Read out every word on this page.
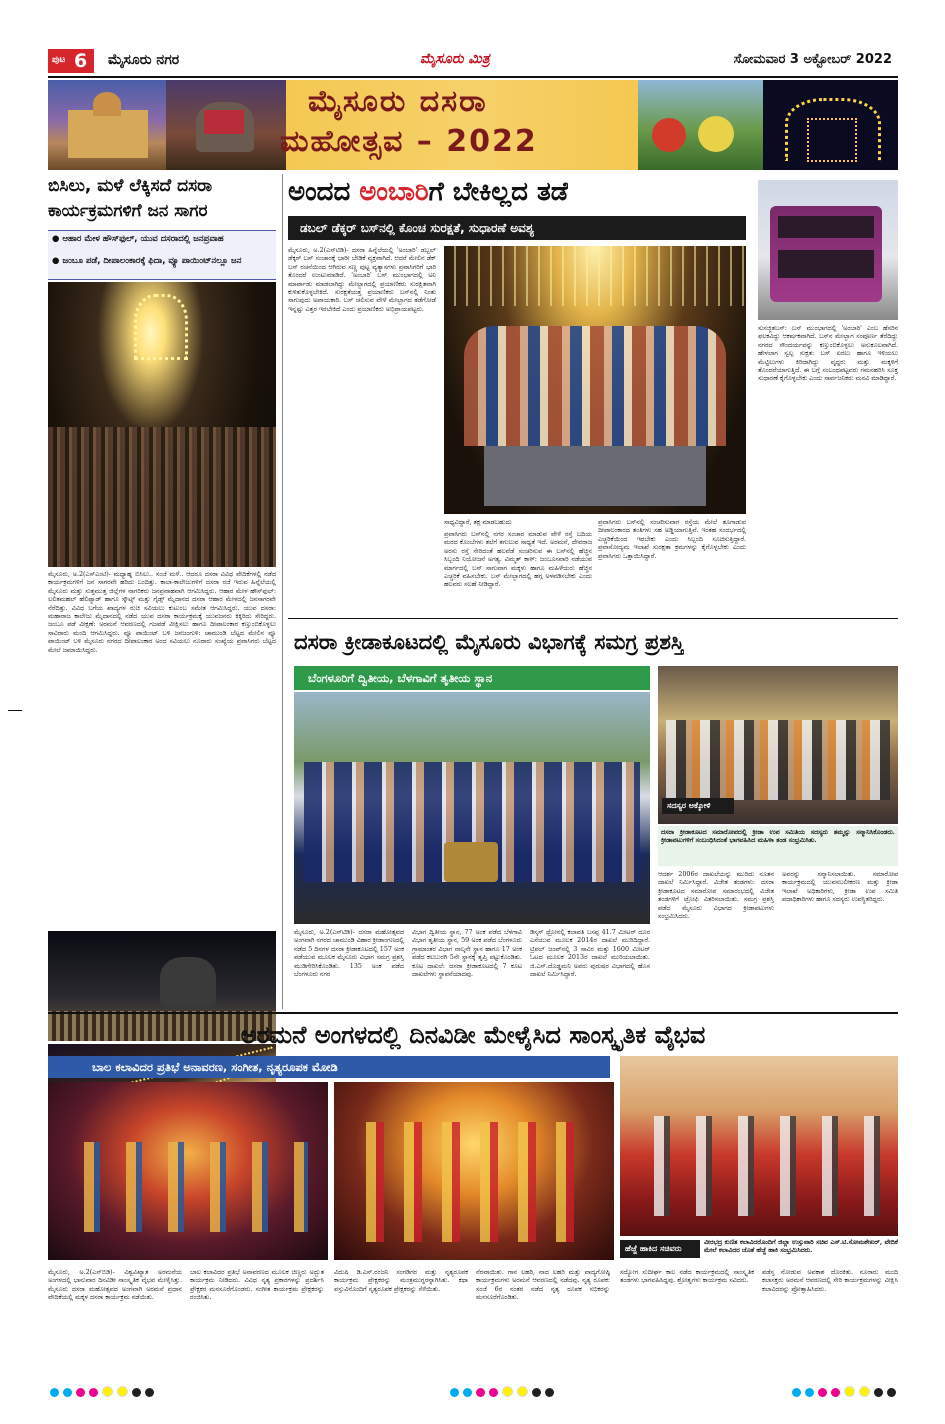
ಪುಟ 6 ಮೈಸೂರು ನಗರ	ಮೈಸೂರು ಮಿತ್ರ	ಸೋಮವಾರ 3 ಅಕ್ಟೋಬರ್ 2022
ಮೈಸೂರು ದಸರಾ
ಮಹೋತ್ಸವ – 2022
ಬಿಸಿಲು, ಮಳೆ ಲೆಕ್ಕಿಸದೆ ದಸರಾ ಕಾರ್ಯಕ್ರಮಗಳಿಗೆ ಜನ ಸಾಗರ
● ಆಹಾರ ಮೇಳ ಹೌಸ್‌ಫುಲ್, ಯುವ ದಸರಾದಲ್ಲಿ ಜನಪ್ರವಾಹ
● ಜಂಬೂ ಪಡೆ, ದೀಪಾಲಂಕಾರಕ್ಕೆ ಫಿದಾ, ವ್ಯೂ ಪಾಯಿಂಟ್‌ನಲ್ಲೂ ಜನ
ಮೈಸೂರು, ಅ.2(ಎಸ್‌ಎಂಟಿ)- ಮಧ್ಯಾಹ್ನ ಬಿಸಿಲು.. ಸಂಜೆ ಮಳೆ.. ಆದರೂ ದಸರಾ ವಿವಿಧ ವೇದಿಕೆಗಳಲ್ಲಿ ನಡೆದ ಕಾರ್ಯಕ್ರಮಗಳಿಗೆ ಜನ ಸಾಗರವೇ ಹರಿದು ಬಂದಿತ್ತು. ಕಾಲಾ-ಕಾಲೇಜುಗಳಿಗೆ ದಸರಾ ರಜೆ ಇರುವ ಹಿನ್ನೆಲೆಯಲ್ಲಿ ಮೈಸೂರು ಮತ್ತು ಸುತ್ತಮುತ್ತ ಜಿಲ್ಲೆಗಳ ನಾಗರಿಕರು ಜನಪ್ರವಾಹವಾಗಿ ಆಗಮಿಸಿದ್ದರು. ಆಹಾರ ಮೇಳ ಹೌಸ್‌ಫುಲ್: ಲಲಿತಮಹಲ್ ಹೆಲಿಪ್ಯಾಡ್ ಹಾಗೂ ಸ್ಕೌಟ್ಸ್ ಮತ್ತು ಗೈಡ್ಸ್ ಮೈದಾನದ ದಸರಾ ಆಹಾರ ಮೇಳದಲ್ಲಿ ಜನಸಾಗರವೇ ನೆರೆದಿತ್ತು. ವಿವಿಧ ಬಗೆಯ ಖಾದ್ಯಗಳ ರುಚಿ ಸವಿಯಲು ಕುಟುಂಬ ಸಮೇತ ಆಗಮಿಸಿದ್ದರು. ಯುವ ದಸರಾ: ಮಹಾರಾಜ ಕಾಲೇಜು ಮೈದಾನದಲ್ಲಿ ನಡೆದ ಯುವ ದಸರಾ ಕಾರ್ಯಕ್ರಮಕ್ಕೆ ಯುವಜನರು ಕಿಕ್ಕಿರಿದು ಸೇರಿದ್ದರು. ಜಂಬೂ ಪಡೆ ವೀಕ್ಷಣೆ: ಅರಮನೆ ಆವರಣದಲ್ಲಿ ಗಜಪಡೆ ವೀಕ್ಷಿಸಲು ಹಾಗೂ ದೀಪಾಲಂಕಾರ ಕಣ್ತುಂಬಿಕೊಳ್ಳಲು ಸಾವಿರಾರು ಮಂದಿ ಆಗಮಿಸಿದ್ದರು. ವ್ಯೂ ಪಾಯಿಂಟ್ ಬಳಿ ಜನಜಂಗುಳಿ: ಚಾಮುಂಡಿ ಬೆಟ್ಟದ ಮೇಲಿನ ವ್ಯೂ ಪಾಯಿಂಟ್ ಬಳಿ ಮೈಸೂರು ನಗರದ ದೀಪಾಲಂಕಾರ ಅಂದ ಸವಿಯಲು ನೂರಾರು ಸಂಖ್ಯೆಯ ಪ್ರವಾಸಿಗರು ಬೆಟ್ಟದ ಮೇಲೆ ಜಮಾಯಿಸಿದ್ದರು.
ಅಂದದ ಅಂಬಾರಿಗೆ ಬೇಕಿಲ್ಲದ ತಡೆ
ಡಬಲ್ ಡೆಕ್ಕರ್ ಬಸ್‌ನಲ್ಲಿ ಕೊಂಚ ಸುರಕ್ಷತೆ, ಸುಧಾರಣೆ ಅವಶ್ಯ
ಮೈಸೂರು, ಅ.2(ಎಸ್‌ಟಿಡಿ)- ದಸರಾ ಹಿನ್ನೆಲೆಯಲ್ಲಿ 'ಅಂಬಾರಿ' ಡಬ್ಬಲ್ ಡೆಕ್ಕರ್ ಬಸ್ ಸಂಚಾರಕ್ಕೆ ಭಾರೀ ಬೇಡಿಕೆ ವ್ಯಕ್ತವಾಗಿದೆ. ಆದರೆ ಮೇಲಿನ ಡೆಕ್ ಬಸ್ ರಚನೆಯಿಂದ ಆಗಿರುವ ಸಣ್ಣ ಪುಟ್ಟ ವ್ಯತ್ಯಾಸಗಳು ಪ್ರವಾಸಿಗರಿಗೆ ಭಾರಿ ತೊಂದರೆ ಉಂಟುಮಾಡಿದೆ. 'ಅಂಬಾರಿ' ಬಸ್ ಮುಂಭಾಗದಲ್ಲಿ ಅನಿ ಮಾರ್ಪಾಡು ಮಾಡಲಾಗಿದ್ದು ಮೇಲ್ಭಾಗದಲ್ಲಿ ಪ್ರಯಾಣಿಕರು ಸುರಕ್ಷಿತವಾಗಿ ಕುಳಿತುಕೊಳ್ಳಬೇಕಿದೆ. ಸುರಕ್ಷತೆಯತ್ತ ಪ್ರಯಾಣಿಕರು ಬಸ್‌ನಲ್ಲಿ ನಿಂತು ಸಾಗುವುದು ಅಪಾಯಕಾರಿ. ಬಸ್ ಚಲಿಸುವ ವೇಳೆ ಮೇಲ್ಭಾಗದ ತಡೆಗೋಡೆ ಇನ್ನಷ್ಟು ಎತ್ತರ ಇರಬೇಕಿದೆ ಎಂದು ಪ್ರಯಾಣಿಕರು ಅಭಿಪ್ರಾಯಪಟ್ಟರು.
ಸಾಧ್ಯವಿದ್ದಾರೆ, ತಕ್ಷ ಮಾಡಬಹುದು
ಪ್ರವಾಸಿಗರು ಬಸ್‌ನಲ್ಲಿ ನಗರ ಸಂಚಾರ ಮಾಡುವ ವೇಳೆ ರಸ್ತೆ ಬದಿಯ ಮರದ ಕೊಂಬೆಗಳು ತಲೆಗೆ ತಗುಲುವ ಸಾಧ್ಯತೆ ಇದೆ. ಅರಮನೆ, ದೇವರಾಜ ಅರಸು ರಸ್ತೆ ಸೇರಿದಂತೆ ಹಲವೆಡೆ ಸಂಚರಿಸುವ ಈ ಬಸ್‌ನಲ್ಲಿ ಹೆಚ್ಚಿನ ಸಿಬ್ಬಂದಿ ನಿಯೋಜನೆ ಅಗತ್ಯ. ವಿಮ್ಮತ್ ಕಾಳ್: ಜಂಬೂಸವಾರಿ ನಡೆಯುವ ಮಾರ್ಗದಲ್ಲಿ ಬಸ್ ಸಾಗುವಾಗ ಮಕ್ಕಳು ಹಾಗೂ ಮಹಿಳೆಯರು ಹೆಚ್ಚಿನ ಎಚ್ಚರಿಕೆ ವಹಿಸಬೇಕು. ಬಸ್ ಮೇಲ್ಭಾಗದಲ್ಲಿ ಹಗ್ಗ ಅಳವಡಿಸಬೇಕು ಎಂದು ಹಲವರು ಸಲಹೆ ನೀಡಿದ್ದಾರೆ.
ಪ್ರವಾಸಿಗರು ಬಸ್‌ನಲ್ಲಿ ಸಂಚರಿಸುವಾಗ ರಸ್ತೆಯ ಮೇಲೆ ತೂಗಾಡುವ ದೀಪಾಲಂಕಾರದ ತಂತಿಗಳು ಸಹ ಅಡ್ಡಿಯಾಗುತ್ತಿವೆ. ಇಂತಹ ಸಂದರ್ಭದಲ್ಲಿ ಎಚ್ಚರಿಕೆಯಿಂದ ಇರಬೇಕು ಎಂದು ಸಿಬ್ಬಂದಿ ಸೂಚಿಸುತ್ತಿದ್ದಾರೆ. ಪ್ರವಾಸೋದ್ಯಮ ಇಲಾಖೆ ಸುರಕ್ಷತಾ ಕ್ರಮಗಳನ್ನು ಕೈಗೊಳ್ಳಬೇಕು ಎಂದು ಪ್ರವಾಸಿಗರು ಒತ್ತಾಯಿಸಿದ್ದಾರೆ.
ಸುಸಜ್ಜಿತಬಸ್: ಬಸ್ ಮುಂಭಾಗದಲ್ಲಿ 'ಅಂಬಾರಿ' ಎಂಬ ಹೆಸರಿನ ಫಲಕವಿದ್ದು ಆಕರ್ಷಕವಾಗಿದೆ. ಬಸ್‌ನ ಮೇಲ್ಭಾಗ ಸಂಪೂರ್ಣ ತೆರೆದಿದ್ದು ನಗರದ ಸೌಂದರ್ಯವನ್ನು ಕಣ್ತುಂಬಿಕೊಳ್ಳಲು ಅನುಕೂಲವಾಗಿದೆ. ಹೇಳಲಾಗ ಸ್ವಲ್ಪ ಸುಕ್ಷತ: ಬಸ್ ಏರಲು ಹಾಗೂ ಇಳಿಯಲು ಮೆಟ್ಟಿಲುಗಳು ಕಿರಿದಾಗಿದ್ದು ವೃದ್ಧರು ಮತ್ತು ಮಕ್ಕಳಿಗೆ ತೊಂದರೆಯಾಗುತ್ತಿದೆ. ಈ ಬಗ್ಗೆ ಸಂಬಂಧಪಟ್ಟವರು ಗಮನಹರಿಸಿ ಸೂಕ್ತ ಸುಧಾರಣೆ ಕೈಗೊಳ್ಳಬೇಕು ಎಂದು ಸಾರ್ವಜನಿಕರು ಮನವಿ ಮಾಡಿದ್ದಾರೆ.
ದಸರಾ ಕ್ರೀಡಾಕೂಟದಲ್ಲಿ ಮೈಸೂರು ವಿಭಾಗಕ್ಕೆ ಸಮಗ್ರ ಪ್ರಶಸ್ತಿ
ಬೆಂಗಳೂರಿಗೆ ದ್ವಿತೀಯ, ಬೆಳಗಾವಿಗೆ ತೃತೀಯ ಸ್ಥಾನ
ಸದಸ್ಯರ ಅಕ್ಕೋಳಿ
ದಸರಾ ಕ್ರೀಡಾಕೂಟದ ಸಮಾರೋಪದಲ್ಲಿ ಕ್ರೀಡಾ ಉಪ ಸಮಿತಿಯ ಸದಸ್ಯರು ತಮ್ಮನ್ನು ಸನ್ಮಾನಿಸಿಕೊಂಡರು. ಕ್ರೀಡಾಪಟುಗಳಿಗೆ ಸಂಬಂಧಿಸಿದಂತೆ ಭಾಗವಹಿಸಿದ ಮಹಿಳಾ ತಂಡ ಸಂಭ್ರಮಿಸಿತು.
ಮೈಸೂರು, ಅ.2(ಎಸ್‌ಟಿಡಿ)- ದಸರಾ ಮಹೋತ್ಸವದ ಅಂಗವಾಗಿ ನಗರದ ಚಾಮುಂಡಿ ವಿಹಾರ ಕ್ರೀಡಾಂಗಣದಲ್ಲಿ ನಡೆದ 5 ದಿನಗಳ ದಸರಾ ಕ್ರೀಡಾಕೂಟದಲ್ಲಿ 157 ಅಂಕ ಪಡೆಯುವ ಮೂಲಕ ಮೈಸೂರು ವಿಭಾಗ ಸಮಗ್ರ ಪ್ರಶಸ್ತಿ ಮುಡಿಗೇರಿಸಿಕೊಂಡಿತು. 135 ಅಂಕ ಪಡೆದ ಬೆಂಗಳೂರು ನಗರ
ವಿಭಾಗ ದ್ವಿತೀಯ ಸ್ಥಾನ, 77 ಅಂಕ ಪಡೆದ ಬೆಳಗಾವಿ ವಿಭಾಗ ತೃತೀಯ ಸ್ಥಾನ, 59 ಅಂಕ ಪಡೆದ ಬೆಂಗಳೂರು ಗ್ರಾಮಾಂತರ ವಿಭಾಗ ನಾಲ್ಕನೇ ಸ್ಥಾನ ಹಾಗೂ 17 ಅಂಕ ಪಡೆದ ಕಲಬುರಗಿ 5ನೇ ಸ್ಥಾನಕ್ಕೆ ತೃಪ್ತಿ ಪಟ್ಟುಕೊಂಡಿತು. ಕೂಟ ದಾಖಲೆ: ದಸರಾ ಕ್ರೀಡಾಕೂಟದಲ್ಲಿ 7 ಕೂಟ ದಾಖಲೆಗಳು ಸ್ಥಾಪನೆಯಾದವು.
ಡಿಸ್ಕಸ್ ಥ್ರೋನಲ್ಲಿ ಕಲಾವತಿ ಬಸಪ್ಪ 41.7 ಮೀಟರ್ ದೂರ ಎಸೆಯುವ ಮೂಲಕ 2014ರ ದಾಖಲೆ ಮುರಿದಿದ್ದಾರೆ. ಟ್ರಿಪಲ್ ಜಂಪ್‌ನಲ್ಲಿ 3 ಸಾವಿರ ಮತ್ತು 1600 ಮೀಟರ್ ಓಟದ ಮೂಲಕ 2013ರ ದಾಖಲೆ ಮುರಿಯಲಾಯಿತು. ಜಿ.ಎಸ್.ದೊಡ್ಡಮನಿ ಅವರು ಪುರುಷರ ವಿಭಾಗದಲ್ಲಿ ಹೊಸ ದಾಖಲೆ ನಿರ್ಮಿಸಿದ್ದಾರೆ.
ಆದರ್ಶ 2006ರ ದಾಖಲೆಯನ್ನು ಮುರಿದು ನೂತನ ದಾಖಲೆ ನಿರ್ಮಿಸಿದ್ದಾರೆ. ವಿಜೇತ ತಂಡಗಳು: ದಸರಾ ಕ್ರೀಡಾಕೂಟದ ಸಮಾರೋಪ ಸಮಾರಂಭದಲ್ಲಿ ವಿಜೇತ ತಂಡಗಳಿಗೆ ಟ್ರೋಫಿ ವಿತರಿಸಲಾಯಿತು. ಸಮಗ್ರ ಪ್ರಶಸ್ತಿ ಪಡೆದ ಮೈಸೂರು ವಿಭಾಗದ ಕ್ರೀಡಾಪಟುಗಳು ಸಂಭ್ರಮಿಸಿದರು.
ಅವರನ್ನು ಸನ್ಮಾನಿಸಲಾಯಿತು. ಸಮಾರೋಪ ಕಾರ್ಯಕ್ರಮದಲ್ಲಿ ಯುವಸಬಲೀಕರಣ ಮತ್ತು ಕ್ರೀಡಾ ಇಲಾಖೆ ಅಧಿಕಾರಿಗಳು, ಕ್ರೀಡಾ ಉಪ ಸಮಿತಿ ಪದಾಧಿಕಾರಿಗಳು ಹಾಗೂ ಸದಸ್ಯರು ಉಪಸ್ಥಿತರಿದ್ದರು.
ಅರಮನೆ ಅಂಗಳದಲ್ಲಿ ದಿನವಿಡೀ ಮೇಳೈಸಿದ ಸಾಂಸ್ಕೃತಿಕ ವೈಭವ
ಬಾಲ ಕಲಾವಿದರ ಪ್ರತಿಭೆ ಅನಾವರಣ, ಸಂಗೀತ, ನೃತ್ಯರೂಪಕ ಮೋಡಿ
ಹೆಜ್ಜೆ ಹಾಕಿದ ಸಚಿವರು
ವೀರಭದ್ರ ಕುಣಿತ ಕಲಾವಿದರೊಂದಿಗೆ ಜಿಲ್ಲಾ ಉಸ್ತುವಾರಿ ಸಚಿವ ಎಸ್.ಟಿ.ಸೋಮಶೇಖರ್, ವೇದಿಕೆ ಮೇಲೆ ಕಲಾವಿದರ ಜೊತೆ ಹೆಜ್ಜೆ ಹಾಕಿ ಸಂಭ್ರಮಿಸಿದರು.
ಮೈಸೂರು, ಅ.2(ಎಸ್‌ಬಿಡಿ)- ವಿಶ್ವವಿಖ್ಯಾತ ಅರಮನೆಯ ಅಂಗಳದಲ್ಲಿ ಭಾನುವಾರ ದಿನವಿಡೀ ಸಾಂಸ್ಕೃತಿಕ ವೈಭವ ಮೇಳೈಸಿತ್ತು. ಮೈಸೂರು ದಸರಾ ಮಹೋತ್ಸವದ ಅಂಗವಾಗಿ ಅರಮನೆ ಪ್ರಧಾನ ವೇದಿಕೆಯಲ್ಲಿ ಮಕ್ಕಳ ದಸರಾ ಕಾರ್ಯಕ್ರಮ ನಡೆಯಿತು.
ಬಾಲ ಕಲಾವಿದರ ಪ್ರತಿಭೆ ಅನಾವರಣದ ಮೂಲಕ ಚಿಣ್ಣರು ಅದ್ಭುತ ಕಾರ್ಯಕ್ರಮ ನೀಡಿದರು. ವಿವಿಧ ನೃತ್ಯ ಪ್ರಕಾರಗಳನ್ನು ಪ್ರದರ್ಶಿಸಿ ಪ್ರೇಕ್ಷಕರ ಮನಸೂರೆಗೊಂಡರು. ಸಂಗೀತ ಕಾರ್ಯಕ್ರಮ ಪ್ರೇಕ್ಷಕರನ್ನು ರಂಜಿಸಿತು.
ವಿದುಷಿ ಡಿ.ಎಸ್.ರಂಜನಿ ಸಂಗಡಿಗರ ಮತ್ತು ನೃತ್ಯರೂಪಕ ಕಾರ್ಯಕ್ರಮ ಪ್ರೇಕ್ಷಕರನ್ನು ಮಂತ್ರಮುಗ್ಧರನ್ನಾಗಿಸಿತು. ಕಥಾ ವಸ್ತುವಿನೊಂದಿಗೆ ನೃತ್ಯರೂಪಕ ಪ್ರೇಕ್ಷಕರನ್ನು ಸೆಳೆಯಿತು.
ನೆರವಾಯಿತು. ಗಾನ ಲಹರಿ, ನಾದ ಲಹರಿ ಮತ್ತು ವಾದ್ಯಗೋಷ್ಠಿ ಕಾರ್ಯಕ್ರಮಗಳು ಅರಮನೆ ಆವರಣದಲ್ಲಿ ನಡೆದವು. ನೃತ್ಯ ರೂಪಕ: ಸಂಜೆ 6ರ ನಂತರ ನಡೆದ ನೃತ್ಯ ರೂಪಕ ಸಭಿಕರನ್ನು ಮನಸೂರೆಗೊಂಡಿತು.
ಸದ್ಯೋಗ ಸುದೀರ್ಘ ಕಾಲ ನಡೆದ ಕಾರ್ಯಕ್ರಮದಲ್ಲಿ ಸಾಂಸ್ಕೃತಿಕ ತಂಡಗಳು ಭಾಗವಹಿಸಿದ್ದವು. ಶ್ರೋತೃಗಳು ಕಾರ್ಯಕ್ರಮ ಸವಿದರು.
ಪಡೆಸ್ತ ನೋಡುವ ಅವಕಾಶ ದೊರಕಿತು. ನೂರಾರು ಮಂದಿ ಕಲಾಸಕ್ತರು ಅರಮನೆ ಆವರಣದಲ್ಲಿ ಸೇರಿ ಕಾರ್ಯಕ್ರಮಗಳನ್ನು ವೀಕ್ಷಿಸಿ ಕಲಾವಿದರನ್ನು ಪ್ರೋತ್ಸಾಹಿಸಿದರು.
